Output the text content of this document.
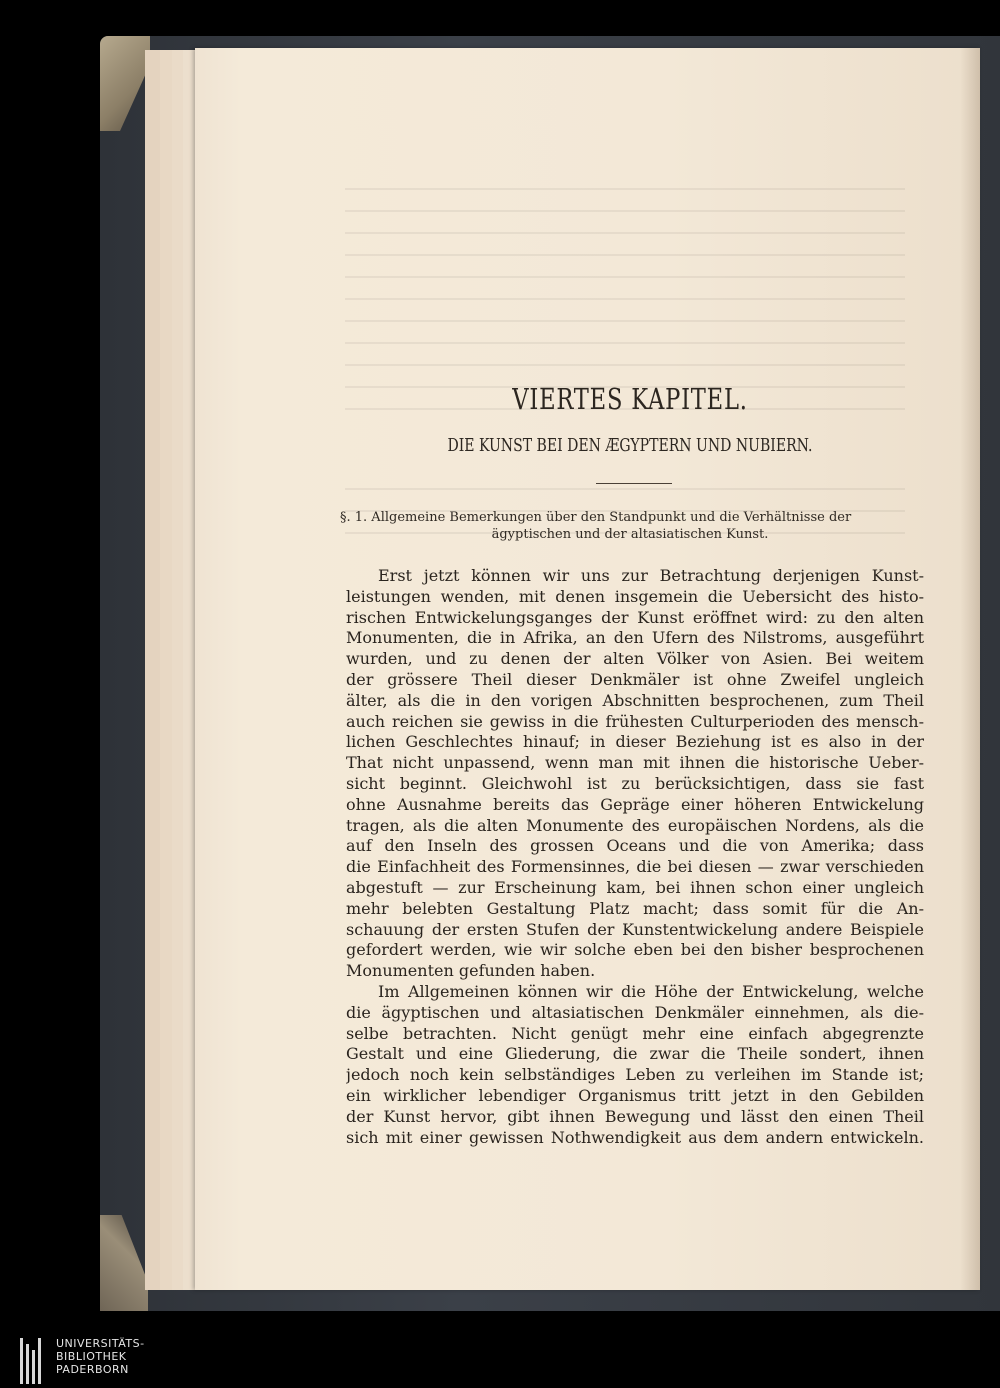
VIERTES KAPITEL.
DIE KUNST BEI DEN ÆGYPTERN UND NUBIERN.
§. 1. Allgemeine Bemerkungen über den Standpunkt und die Verhältnisse der
ägyptischen und der altasiatischen Kunst.
Erst jetzt können wir uns zur Betrachtung derjenigen Kunst-
leistungen wenden, mit denen insgemein die Uebersicht des histo-
rischen Entwickelungsganges der Kunst eröffnet wird: zu den alten
Monumenten, die in Afrika, an den Ufern des Nilstroms, ausgeführt
wurden, und zu denen der alten Völker von Asien. Bei weitem
der grössere Theil dieser Denkmäler ist ohne Zweifel ungleich
älter, als die in den vorigen Abschnitten besprochenen, zum Theil
auch reichen sie gewiss in die frühesten Culturperioden des mensch-
lichen Geschlechtes hinauf; in dieser Beziehung ist es also in der
That nicht unpassend, wenn man mit ihnen die historische Ueber-
sicht beginnt. Gleichwohl ist zu berücksichtigen, dass sie fast
ohne Ausnahme bereits das Gepräge einer höheren Entwickelung
tragen, als die alten Monumente des europäischen Nordens, als die
auf den Inseln des grossen Oceans und die von Amerika; dass
die Einfachheit des Formensinnes, die bei diesen — zwar verschieden
abgestuft — zur Erscheinung kam, bei ihnen schon einer ungleich
mehr belebten Gestaltung Platz macht; dass somit für die An-
schauung der ersten Stufen der Kunstentwickelung andere Beispiele
gefordert werden, wie wir solche eben bei den bisher besprochenen
Monumenten gefunden haben.
Im Allgemeinen können wir die Höhe der Entwickelung, welche
die ägyptischen und altasiatischen Denkmäler einnehmen, als die-
selbe betrachten. Nicht genügt mehr eine einfach abgegrenzte
Gestalt und eine Gliederung, die zwar die Theile sondert, ihnen
jedoch noch kein selbständiges Leben zu verleihen im Stande ist;
ein wirklicher lebendiger Organismus tritt jetzt in den Gebilden
der Kunst hervor, gibt ihnen Bewegung und lässt den einen Theil
sich mit einer gewissen Nothwendigkeit aus dem andern entwickeln.
UNIVERSITÄTS-
BIBLIOTHEK
PADERBORN
